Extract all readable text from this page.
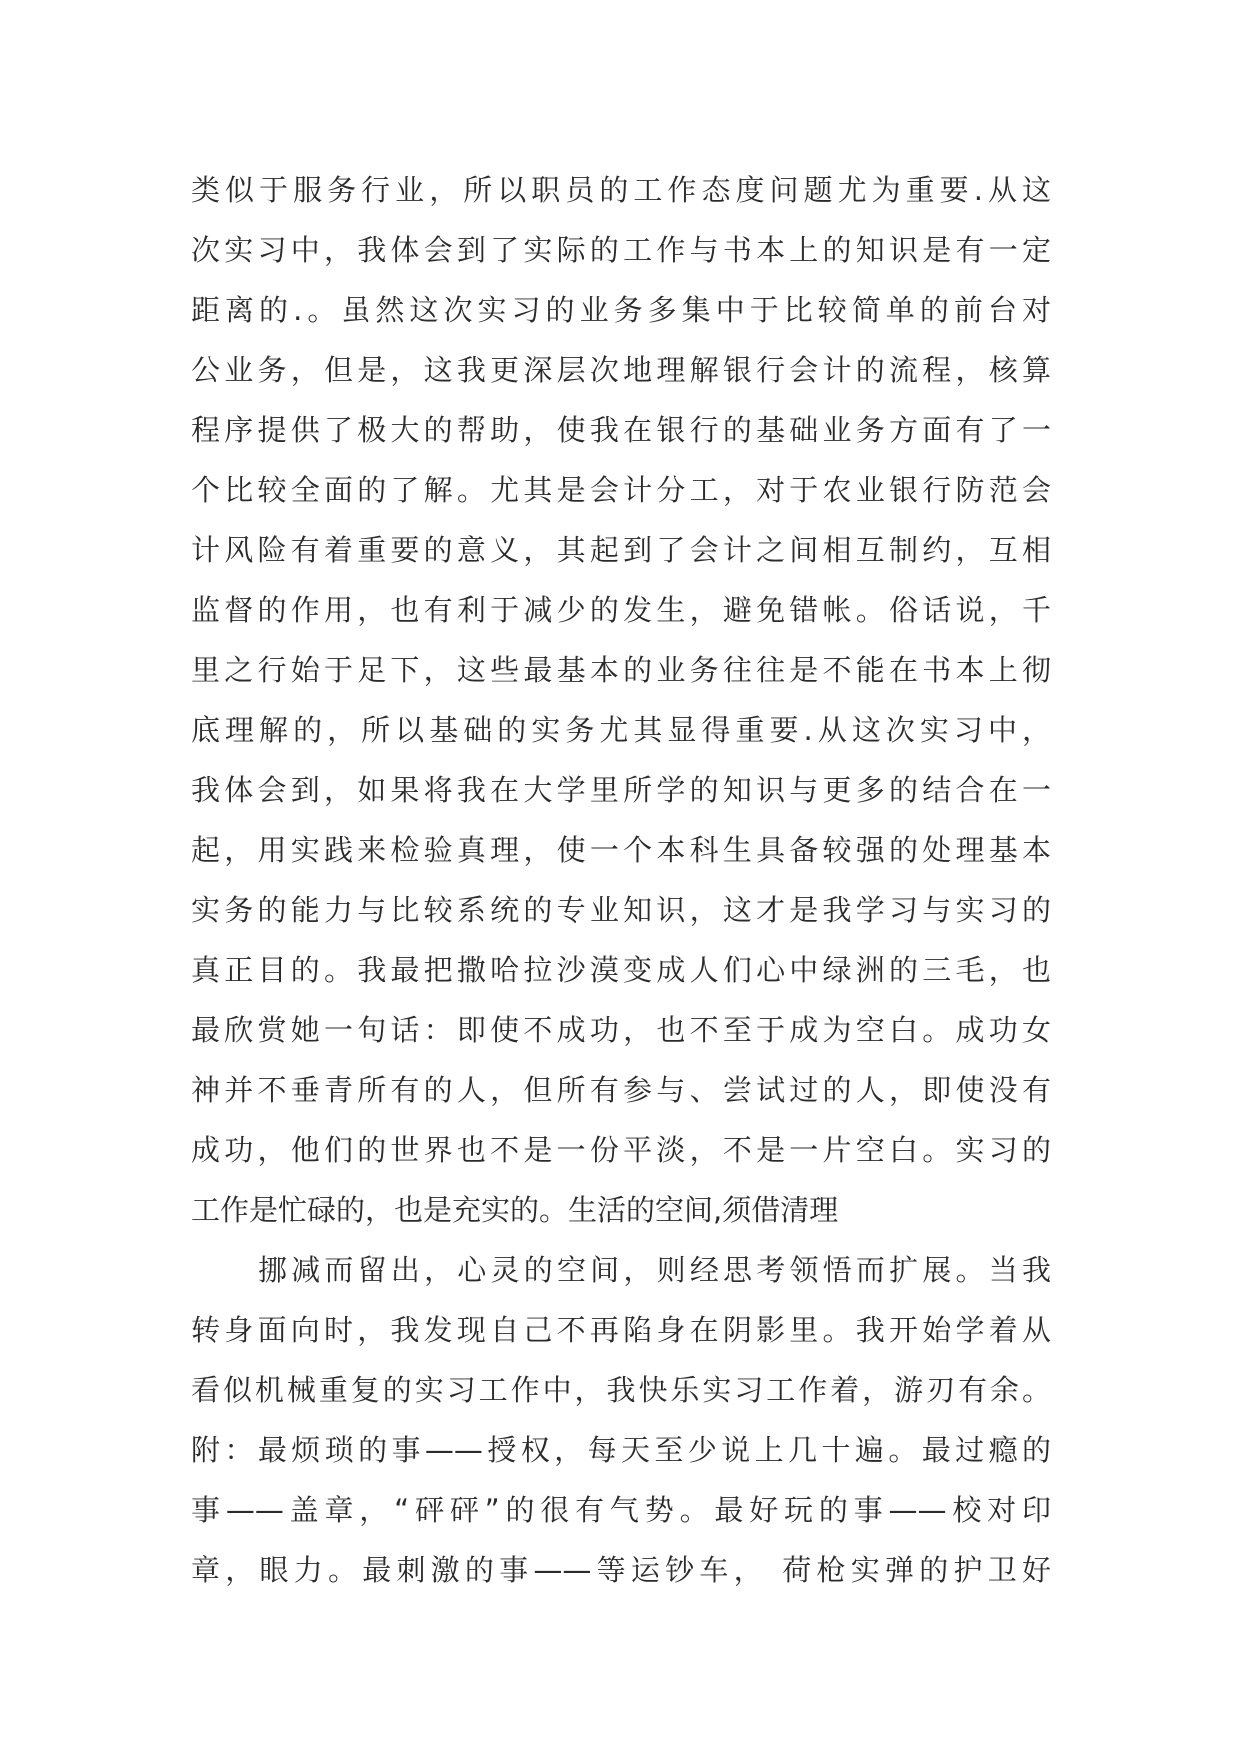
类似于服务行业，所以职员的工作态度问题尤为重要.从这
次实习中，我体会到了实际的工作与书本上的知识是有一定
距离的.。虽然这次实习的业务多集中于比较简单的前台对
公业务，但是，这我更深层次地理解银行会计的流程，核算
程序提供了极大的帮助，使我在银行的基础业务方面有了一
个比较全面的了解。尤其是会计分工，对于农业银行防范会
计风险有着重要的意义，其起到了会计之间相互制约，互相
监督的作用，也有利于减少的发生，避免错帐。俗话说，千
里之行始于足下，这些最基本的业务往往是不能在书本上彻
底理解的，所以基础的实务尤其显得重要.从这次实习中，
我体会到，如果将我在大学里所学的知识与更多的结合在一
起，用实践来检验真理，使一个本科生具备较强的处理基本
实务的能力与比较系统的专业知识，这才是我学习与实习的
真正目的。我最把撒哈拉沙漠变成人们心中绿洲的三毛，也
最欣赏她一句话：即使不成功，也不至于成为空白。成功女
神并不垂青所有的人，但所有参与、尝试过的人，即使没有
成功，他们的世界也不是一份平淡，不是一片空白。实习的
工作是忙碌的，也是充实的。生活的空间,须借清理
挪减而留出，心灵的空间，则经思考领悟而扩展。当我
转身面向时，我发现自己不再陷身在阴影里。我开始学着从
看似机械重复的实习工作中，我快乐实习工作着，游刃有余。
附：最烦琐的事——授权，每天至少说上几十遍。最过瘾的
事——盖章，“砰砰”的很有气势。最好玩的事——校对印
章，眼力。最刺激的事——等运钞车， 荷枪实弹的护卫好
